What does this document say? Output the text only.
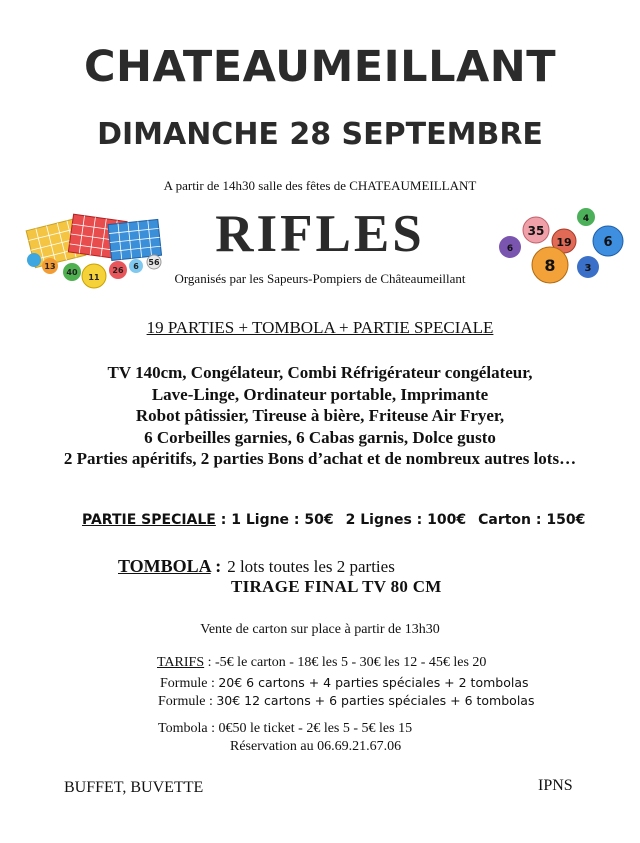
CHATEAUMEILLANT
DIMANCHE 28 SEPTEMBRE
A partir de 14h30 salle des fêtes de CHATEAUMEILLANT
13
40
11
26 6 56	RIFLES	35
4
6
19
6
8	3
Organisés par les Sapeurs-Pompiers de Châteaumeillant
19 PARTIES + TOMBOLA + PARTIE SPECIALE
TV 140cm, Congélateur, Combi Réfrigérateur congélateur,
Lave-Linge, Ordinateur portable, Imprimante
Robot pâtissier, Tireuse à bière, Friteuse Air Fryer,
6 Corbeilles garnies, 6 Cabas garnis, Dolce gusto
2 Parties apéritifs, 2 parties Bons d’achat et de nombreux autres lots…
PARTIE SPECIALE : 1 Ligne : 50€ 2 Lignes : 100€ Carton : 150€
TOMBOLA : 2 lots toutes les 2 parties
TIRAGE FINAL TV 80 CM
Vente de carton sur place à partir de 13h30
TARIFS : -5€ le carton - 18€ les 5 - 30€ les 12 - 45€ les 20
Formule : 20€ 6 cartons + 4 parties spéciales + 2 tombolas
Formule : 30€ 12 cartons + 6 parties spéciales + 6 tombolas
Tombola : 0€50 le ticket - 2€ les 5 - 5€ les 15
Réservation au 06.69.21.67.06
BUFFET, BUVETTE	IPNS
